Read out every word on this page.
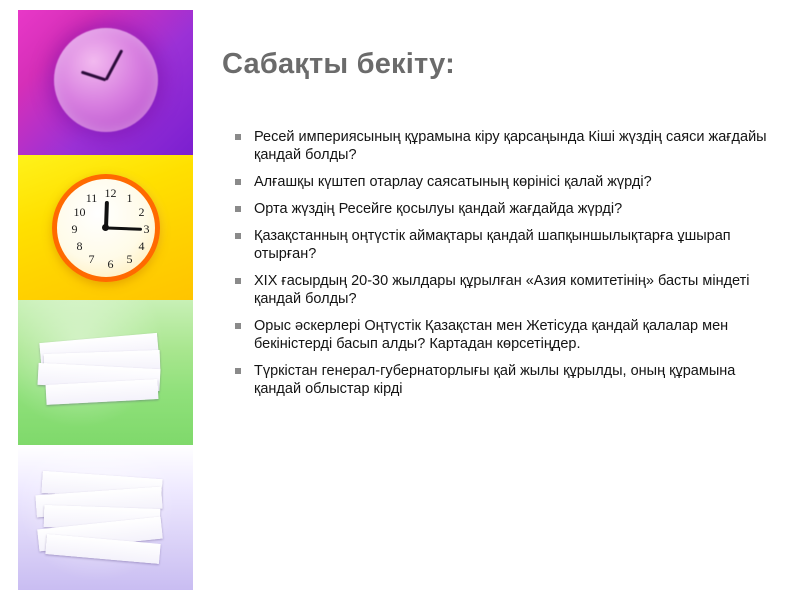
12 1
2
3
4
5
6
7
8
9
10
11
Сабақты бекіту:
Ресей империясының құрамына кіру қарсаңында Кіші жүздің саяси жағдайы қандай болды?
Алғашқы күштеп отарлау саясатының көрінісі қалай жүрді?
Орта жүздің Ресейге қосылуы қандай жағдайда жүрді?
Қазақстанның оңтүстік аймақтары қандай шапқыншылықтарға ұшырап отырған?
XIX ғасырдың 20-30 жылдары құрылған «Азия комитетінің» басты міндеті қандай болды?
Орыс әскерлері Оңтүстік Қазақстан мен Жетісуда қандай қалалар мен бекіністерді басып алды? Картадан көрсетіңдер.
Түркістан генерал-губернаторлығы қай жылы құрылды, оның құрамына қандай облыстар кірді
